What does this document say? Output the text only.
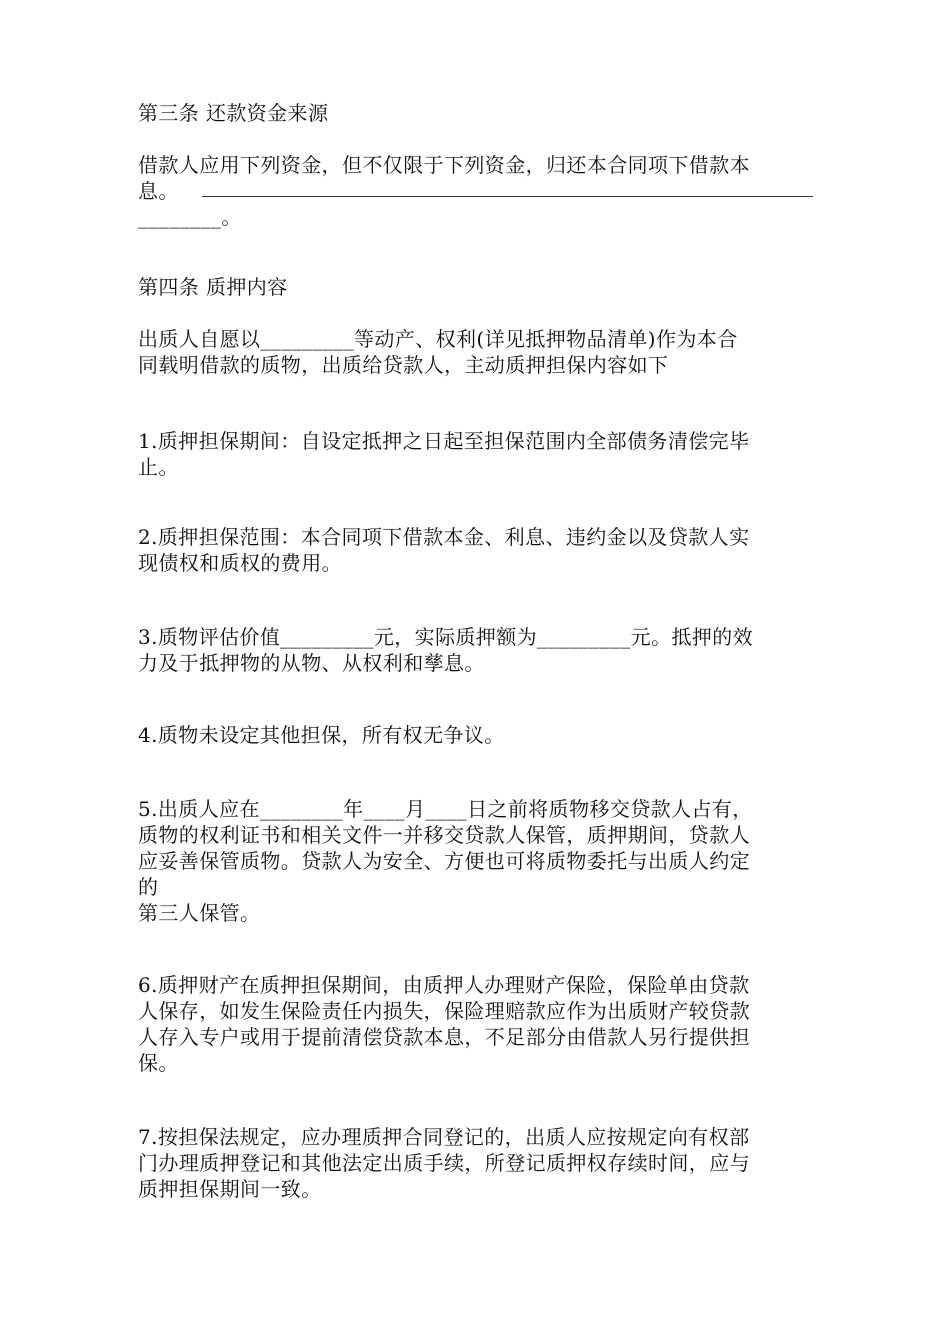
第三条 还款资金来源
借款人应用下列资金，但不仅限于下列资金，归还本合同项下借款本
息。
________。
第四条 质押内容
出质人自愿以_________等动产、权利(详见抵押物品清单)作为本合
同载明借款的质物，出质给贷款人，主动质押担保内容如下
1.质押担保期间：自设定抵押之日起至担保范围内全部债务清偿完毕
止。
2.质押担保范围：本合同项下借款本金、利息、违约金以及贷款人实
现债权和质权的费用。
3.质物评估价值_________元，实际质押额为_________元。抵押的效
力及于抵押物的从物、从权利和孳息。
4.质物未设定其他担保，所有权无争议。
5.出质人应在________年____月____日之前将质物移交贷款人占有，
质物的权利证书和相关文件一并移交贷款人保管，质押期间，贷款人
应妥善保管质物。贷款人为安全、方便也可将质物委托与出质人约定
的
第三人保管。
6.质押财产在质押担保期间，由质押人办理财产保险，保险单由贷款
人保存，如发生保险责任内损失，保险理赔款应作为出质财产较贷款
人存入专户或用于提前清偿贷款本息，不足部分由借款人另行提供担
保。
7.按担保法规定，应办理质押合同登记的，出质人应按规定向有权部
门办理质押登记和其他法定出质手续，所登记质押权存续时间，应与
质押担保期间一致。
